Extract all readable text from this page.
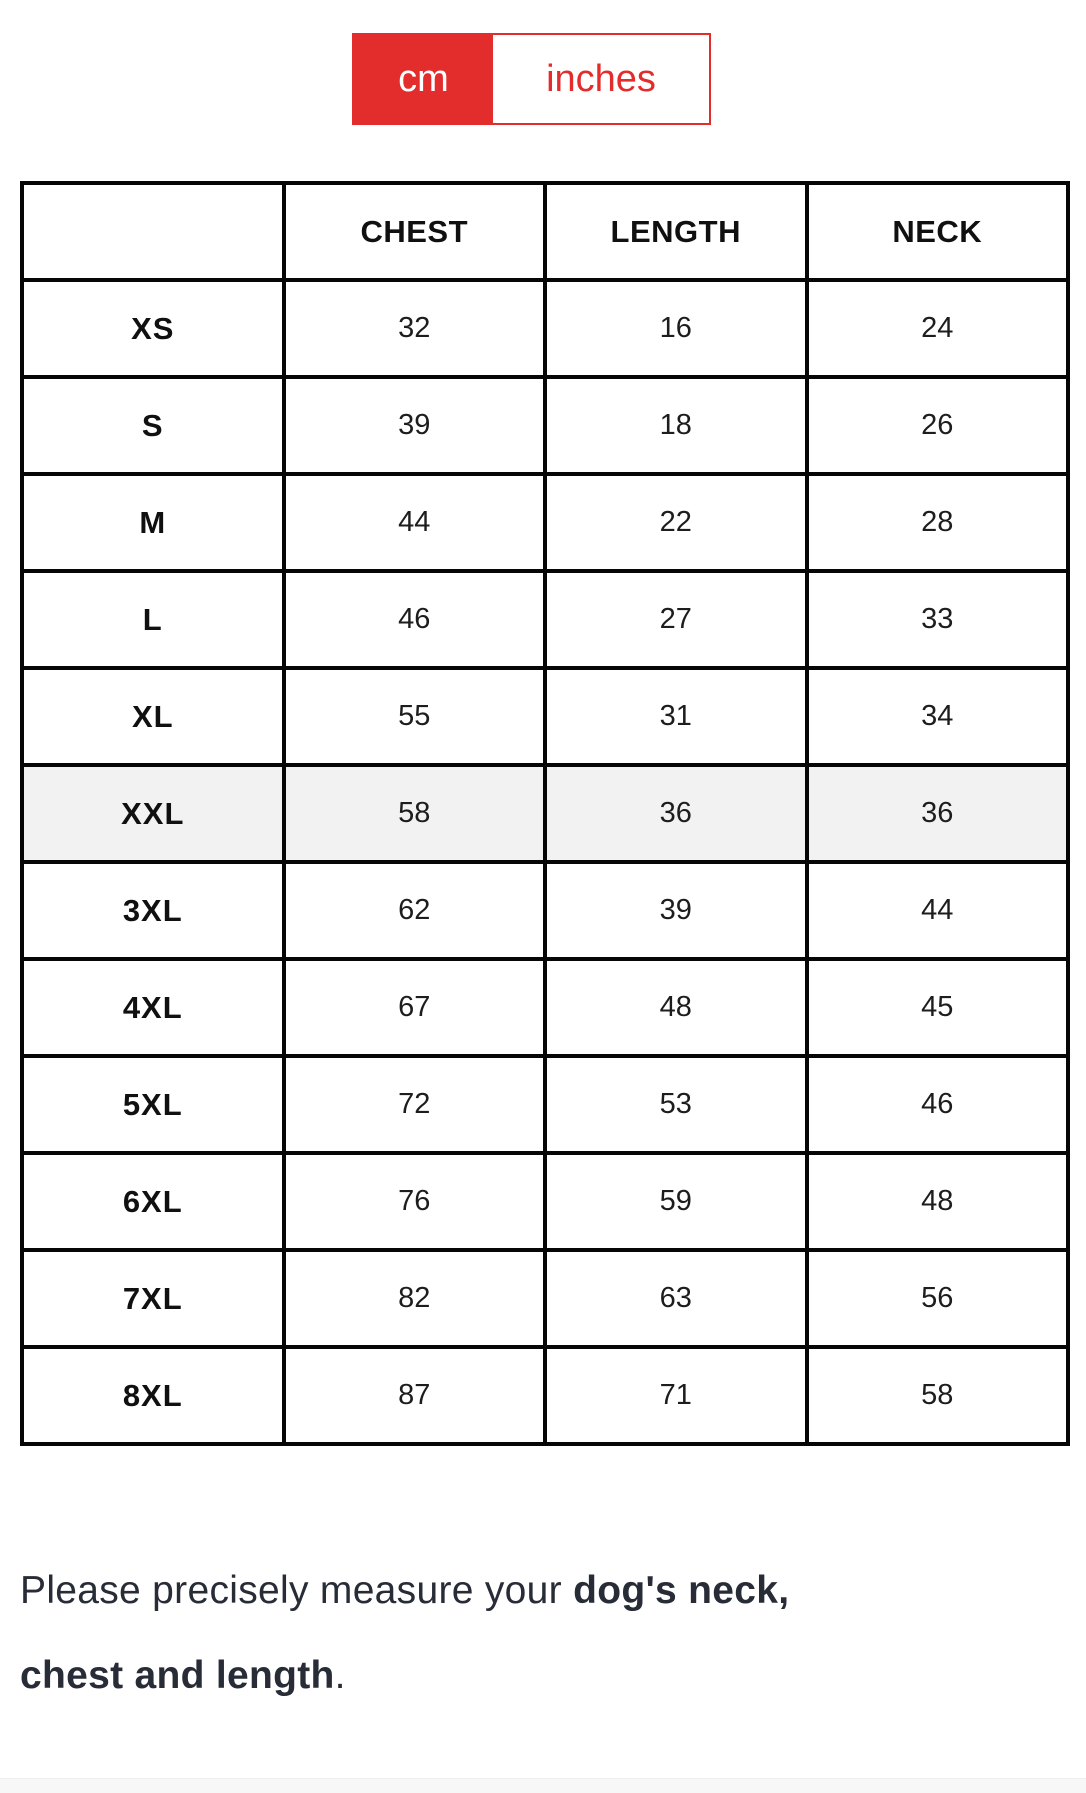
cm	inches
	CHEST	LENGTH	NECK
XS	32	16	24
S	39	18	26
M	44	22	28
L	46	27	33
XL	55	31	34
XXL	58	36	36
3XL	62	39	44
4XL	67	48	45
5XL	72	53	46
6XL	76	59	48
7XL	82	63	56
8XL	87	71	58

Please precisely measure your dog's neck,
chest and length.
